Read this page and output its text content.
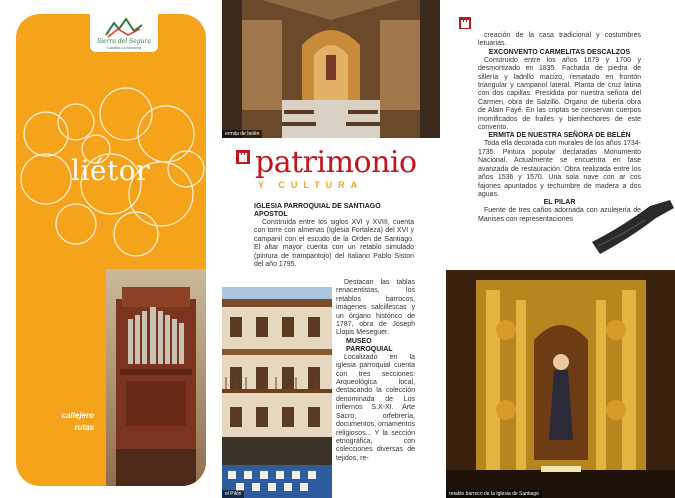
Sierra del Segura
Castilla-La Mancha
liétor
callejero
rutas
ermita de belén
patrimonio
Y CULTURA
IGLESIA PARROQUIAL DE SANTIAGO APOSTOL

Construida entre los siglos XVI y XVIII, cuenta con torre con almenas (Iglesia Fortaleza) del XVI y campanil con el escudo de la Orden de Santiago. El altar mayor cuenta con un retablo simulado (pintura de trampantojo) del italiano Pablo Sistori del año 1795.

el Pilón

Destacan las tablas renacentistas, los retablos barrocos, imágenes salcillescas y un órgano histórico de 1787, obra de Joseph Llopis Meseguer.

MUSEO PARROQUIAL

Localizado en la iglesia parroquial cuenta con tres secciones: Arqueológica local, destacando la colección denominada de Los infiernos S.X-XI. Arte Sacro, orfebrería, documentos, ornamentos religiosos... Y la sección etnográfica, con colecciones diversas de tejidos, re-

creación de la casa tradicional y costumbres letuarias.

EXCONVENTO CARMELITAS DESCALZOS

Construido entre los años 1679 y 1700 y desmortizado en 1835. Fachada de piedra de sillería y ladrillo macizo, rematado en frontón triangular y campanol lateral. Planta de cruz latina con dos capillas. Presidida por nuestra señora del Carmen, obra de Salzillo. Organo de tubería obra de Alain Fayé. En las criptas se conservan cuerpos momificados de frailes y bienhechores de este convento.

ERMITA DE NUESTRA SEÑORA DE BELÉN

Toda ella decorada con murales de los años 1734-1735. Pintura popular declaradas Monumento Nacional. Actualmente se encuentra en fase avanzada de restauración. Obra realizada entre los años 1536 y 1570. Una sola nave con ar cos fajones apuntados y techumbre de madera a dos aguas.

EL PILAR

Fuente de tres caños adornada con azulejería de Manises con representaciones

retablo barroco de la Iglesia de Santiago
